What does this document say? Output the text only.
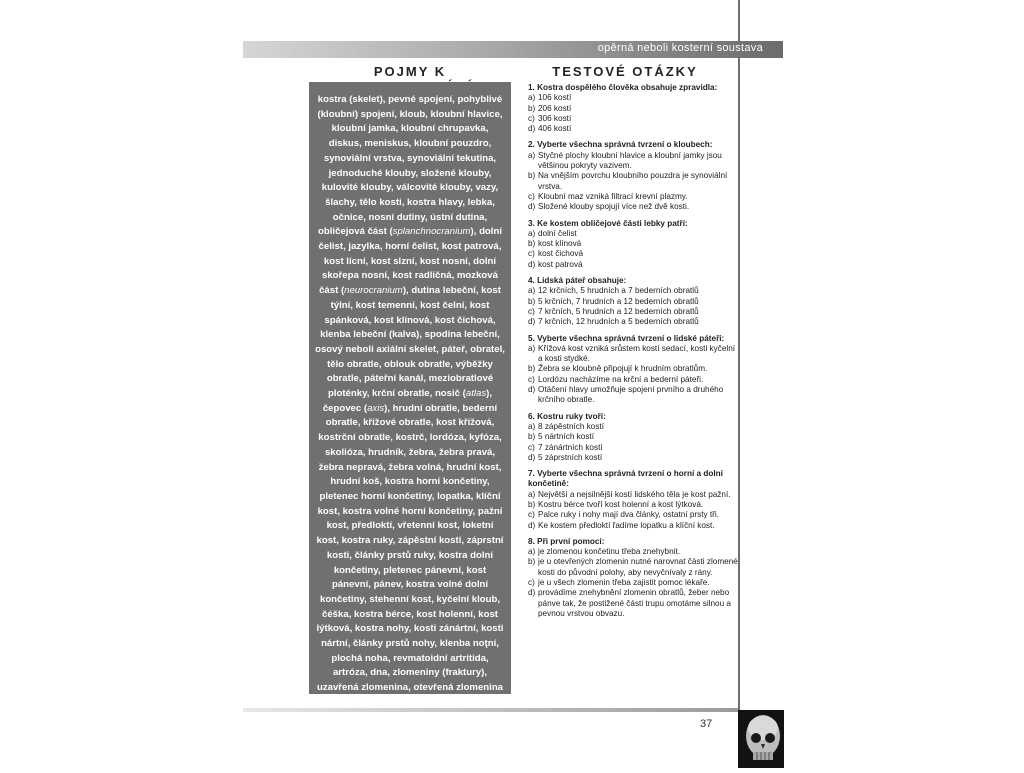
opěrná neboli kosterní soustava
POJMY K	TESTOVÉ OTÁZKY

kostra (skelet), pevné spojení, pohyblivé (kloubní) spojení, kloub, kloubní hlavice, kloubní jamka, kloubní chrupavka, diskus, meniskus, kloubní pouzdro, synoviální vrstva, synoviální tekutina, jednoduché klouby, složené klouby, kulovité klouby, válcovité klouby, vazy, šlachy, tělo kosti, kostra hlavy, lebka, očnice, nosní dutiny, ústní dutina, obličejová část (splanchnocranium), dolní čelist, jazylka, horní čelist, kost patrová, kost lícní, kost slzní, kost nosní, dolní skořepa nosní, kost radličná, mozková část (neurocranium), dutina lebeční, kost týlní, kost temenní, kost čelní, kost spánková, kost klínová, kost čichová, klenba lebeční (kalva), spodina lebeční, osový neboli axiální skelet, páteř, obratel, tělo obratle, oblouk obratle, výběžky obratle, páteřní kanál, meziobratlové ploténky, krční obratle, nosič (atlas), čepovec (axis), hrudní obratle, bederní obratle, křížové obratle, kost křížová, kostrční obratle, kostrč, lordóza, kyfóza, skolióza, hrudník, žebra, žebra pravá, žebra nepravá, žebra volná, hrudní kost, hrudní koš, kostra horní končetiny, pletenec horní končetiny, lopatka, klíční kost, kostra volné horní končetiny, pažní kost, předloktí, vřetenní kost, loketní kost, kostra ruky, zápěstní kosti, záprstní kosti, články prstů ruky, kostra dolní končetiny, pletenec pánevní, kost pánevní, pánev, kostra volné dolní končetiny, stehenní kost, kyčelní kloub, čéška, kostra bérce, kost holenní, kost lýtková, kostra nohy, kosti zánártní, kosti nártní, články prstů nohy, klenba noţní, plochá noha, revmatoidní artritida, artróza, dna, zlomeniny (fraktury), uzavřená zlomenina, otevřená zlomenina

1. Kostra dospělého člověka obsahuje zpravidla:
a) 106 kostí
b) 206 kostí
c) 306 kostí
d) 406 kostí
2. Vyberte všechna správná tvrzení o kloubech:
a) Styčné plochy kloubní hlavice a kloubní jamky jsou většinou pokryty vazivem.
b) Na vnějším povrchu kloubního pouzdra je synoviální vrstva.
c) Kloubní maz vzniká filtrací krevní plazmy.
d) Složené klouby spojují více než dvě kosti.
3. Ke kostem obličejové části lebky patří:
a) dolní čelist
b) kost klínová
c) kost čichová
d) kost patrová
4. Lidská páteř obsahuje:
a) 12 krčních, 5 hrudních a 7 bederních obratlů
b) 5 krčních, 7 hrudních a 12 bederních obratlů
c) 7 krčních, 5 hrudních a 12 bederních obratlů
d) 7 krčních, 12 hrudních a 5 bederních obratlů
5. Vyberte všechna správná tvrzení o lidské páteři:
a) Křížová kost vzniká srůstem kostí sedací, kosti kyčelní a kosti stydké.
b) Žebra se kloubně připojují k hrudním obratlům.
c) Lordózu nacházíme na krční a bederní páteři.
d) Otáčení hlavy umožňuje spojení prvního a druhého krčního obratle.
6. Kostru ruky tvoří:
a) 8 zápěstních kostí
b) 5 nártních kostí
c) 7 zánártních kostí
d) 5 záprstních kostí
7. Vyberte všechna správná tvrzení o horní a dolní končetině:
a) Největší a nejsilnější kostí lidského těla je kost pažní.
b) Kostru bérce tvoří kost holenní a kost lýtková.
c) Palce ruky i nohy mají dva články, ostatní prsty tři.
d) Ke kostem předloktí řadíme lopatku a klíční kost.
8. Při první pomoci:
a) je zlomenou končetinu třeba znehybnit.
b) je u otevřených zlomenin nutné narovnat části zlomené kosti do původní polohy, aby nevyčnívaly z rány.
c) je u všech zlomenin třeba zajistit pomoc lékaře.
d) provádíme znehybnění zlomenin obratlů, žeber nebo pánve tak, že postižené části trupu omotáme silnou a pevnou vrstvou obvazu.
37
